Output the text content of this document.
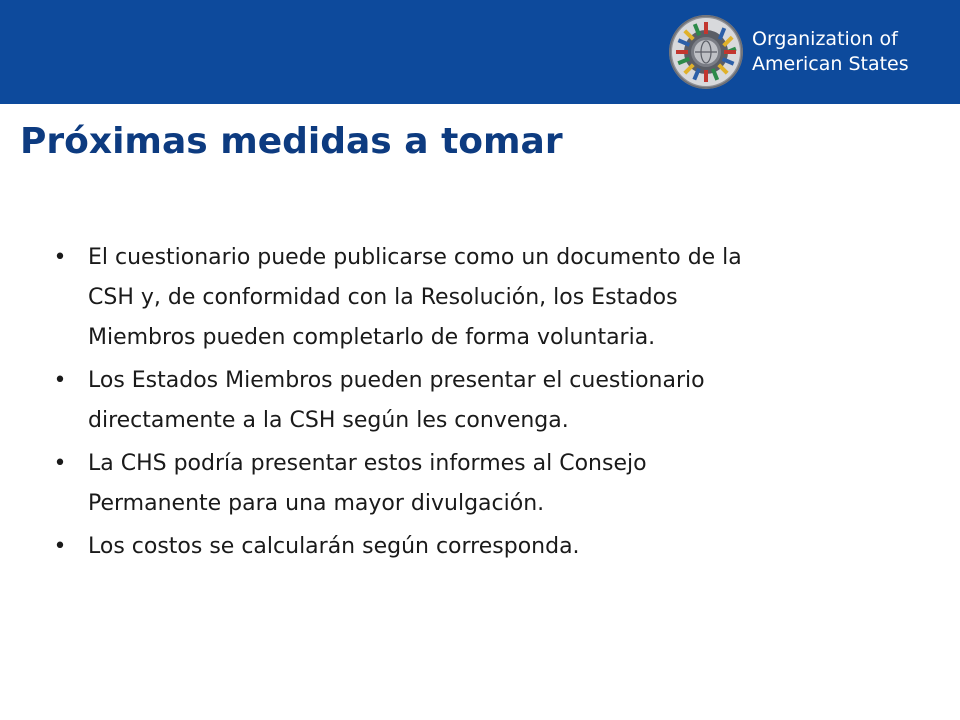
Organization of
American States
Próximas medidas a tomar
• El cuestionario puede publicarse como un documento de la
CSH y, de conformidad con la Resolución, los Estados
Miembros pueden completarlo de forma voluntaria.
• Los Estados Miembros pueden presentar el cuestionario
directamente a la CSH según les convenga.
• La CHS podría presentar estos informes al Consejo
Permanente para una mayor divulgación.
• Los costos se calcularán según corresponda.
